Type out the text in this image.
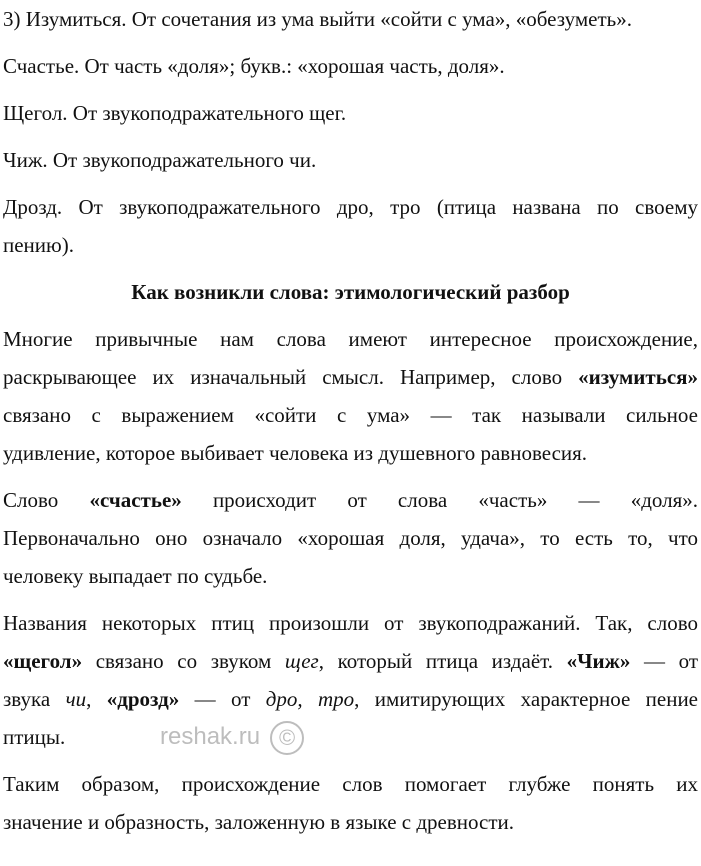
3) Изумиться. От сочетания из ума выйти «сойти с ума», «обезуметь».
Счастье. От часть «доля»; букв.: «хорошая часть, доля».
Щегол. От звукоподражательного щег.
Чиж. От звукоподражательного чи.
Дрозд. От звукоподражательного дро, тро (птица названа по своему
пению).
Как возникли слова: этимологический разбор
Многие привычные нам слова имеют интересное происхождение,
раскрывающее их изначальный смысл. Например, слово «изумиться»
связано с выражением «сойти с ума» — так называли сильное
удивление, которое выбивает человека из душевного равновесия.
Слово «счастье» происходит от слова «часть» — «доля».
Первоначально оно означало «хорошая доля, удача», то есть то, что
человеку выпадает по судьбе.
Названия некоторых птиц произошли от звукоподражаний. Так, слово
«щегол» связано со звуком щег, который птица издаёт. «Чиж» — от
звука чи, «дрозд» — от дро, тро, имитирующих характерное пение
птицы.
Таким образом, происхождение слов помогает глубже понять их
значение и образность, заложенную в языке с древности.
reshak.ru ©
